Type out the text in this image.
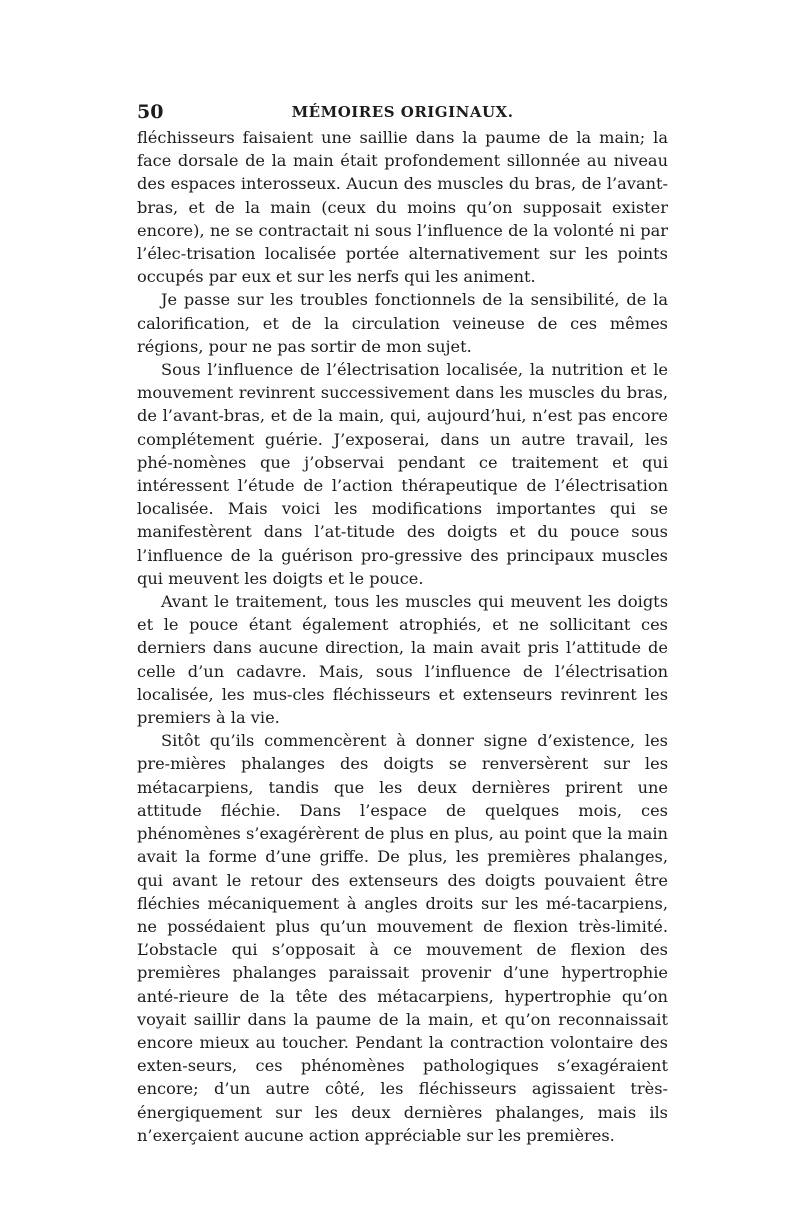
50	MÉMOIRES ORIGINAUX.

fléchisseurs faisaient une saillie dans la paume de la main; la face dorsale de la main était profondement sillonnée au niveau des espaces interosseux. Aucun des muscles du bras, de l’avant-bras, et de la main (ceux du moins qu’on supposait exister encore), ne se contractait ni sous l’influence de la volonté ni par l’élec-trisation localisée portée alternativement sur les points occupés par eux et sur les nerfs qui les animent.

Je passe sur les troubles fonctionnels de la sensibilité, de la calorification, et de la circulation veineuse de ces mêmes régions, pour ne pas sortir de mon sujet.

Sous l’influence de l’électrisation localisée, la nutrition et le mouvement revinrent successivement dans les muscles du bras, de l’avant-bras, et de la main, qui, aujourd’hui, n’est pas encore complétement guérie. J’exposerai, dans un autre travail, les phé-nomènes que j’observai pendant ce traitement et qui intéressent l’étude de l’action thérapeutique de l’électrisation localisée. Mais voici les modifications importantes qui se manifestèrent dans l’at-titude des doigts et du pouce sous l’influence de la guérison pro-gressive des principaux muscles qui meuvent les doigts et le pouce.

Avant le traitement, tous les muscles qui meuvent les doigts et le pouce étant également atrophiés, et ne sollicitant ces derniers dans aucune direction, la main avait pris l’attitude de celle d’un cadavre. Mais, sous l’influence de l’électrisation localisée, les mus-cles fléchisseurs et extenseurs revinrent les premiers à la vie.

Sitôt qu’ils commencèrent à donner signe d’existence, les pre-mières phalanges des doigts se renversèrent sur les métacarpiens, tandis que les deux dernières prirent une attitude fléchie. Dans l’espace de quelques mois, ces phénomènes s’exagérèrent de plus en plus, au point que la main avait la forme d’une griffe. De plus, les premières phalanges, qui avant le retour des extenseurs des doigts pouvaient être fléchies mécaniquement à angles droits sur les mé-tacarpiens, ne possédaient plus qu’un mouvement de flexion très-limité. L’obstacle qui s’opposait à ce mouvement de flexion des premières phalanges paraissait provenir d’une hypertrophie anté-rieure de la tête des métacarpiens, hypertrophie qu’on voyait saillir dans la paume de la main, et qu’on reconnaissait encore mieux au toucher. Pendant la contraction volontaire des exten-seurs, ces phénomènes pathologiques s’exagéraient encore; d’un autre côté, les fléchisseurs agissaient très-énergiquement sur les deux dernières phalanges, mais ils n’exerçaient aucune action appréciable sur les premières.
